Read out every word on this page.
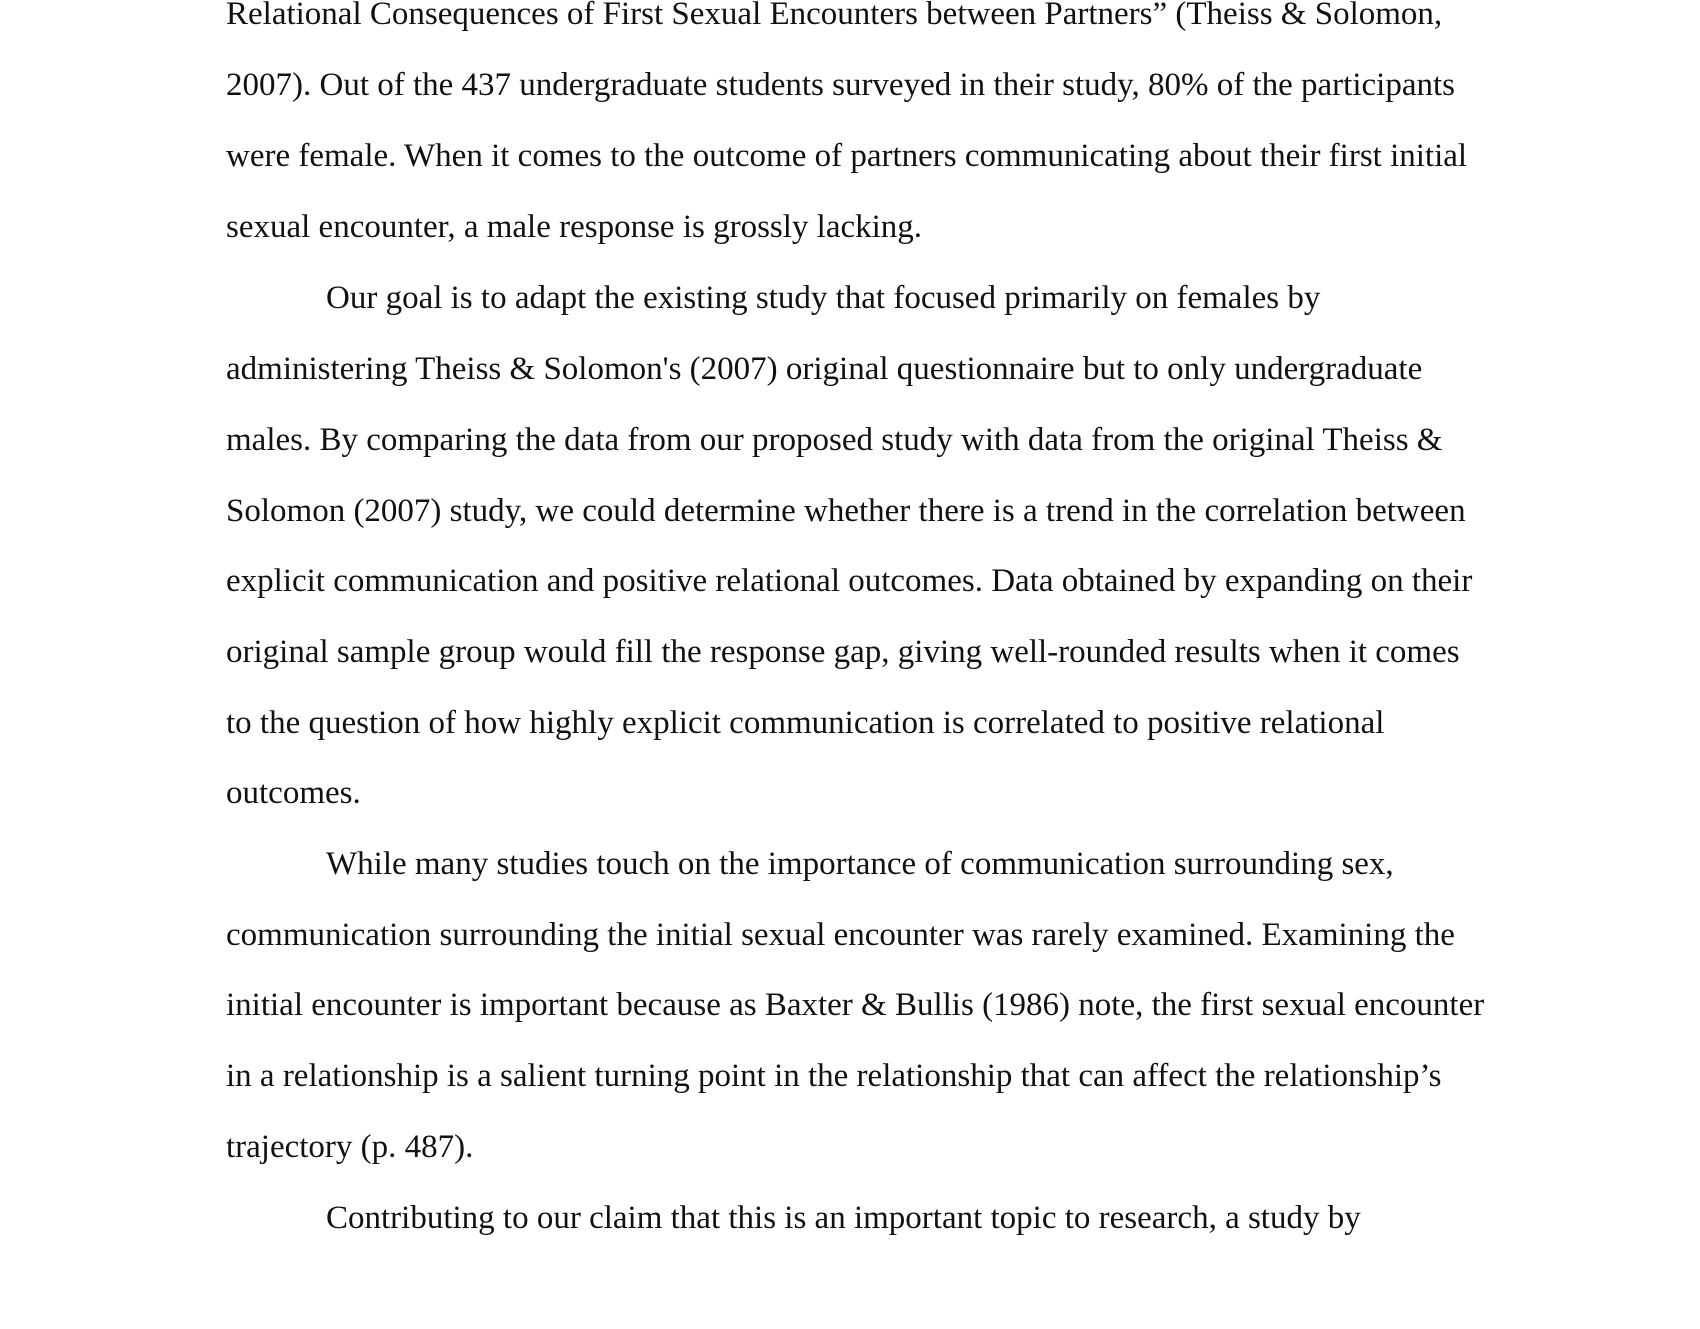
Relational Consequences of First Sexual Encounters between Partners” (Theiss & Solomon,
2007). Out of the 437 undergraduate students surveyed in their study, 80% of the participants
were female. When it comes to the outcome of partners communicating about their first initial
sexual encounter, a male response is grossly lacking.
Our goal is to adapt the existing study that focused primarily on females by
administering Theiss & Solomon's (2007) original questionnaire but to only undergraduate
males. By comparing the data from our proposed study with data from the original Theiss &
Solomon (2007) study, we could determine whether there is a trend in the correlation between
explicit communication and positive relational outcomes. Data obtained by expanding on their
original sample group would fill the response gap, giving well-rounded results when it comes
to the question of how highly explicit communication is correlated to positive relational
outcomes.
While many studies touch on the importance of communication surrounding sex,
communication surrounding the initial sexual encounter was rarely examined. Examining the
initial encounter is important because as Baxter & Bullis (1986) note, the first sexual encounter
in a relationship is a salient turning point in the relationship that can affect the relationship’s
trajectory (p. 487).
Contributing to our claim that this is an important topic to research, a study by
